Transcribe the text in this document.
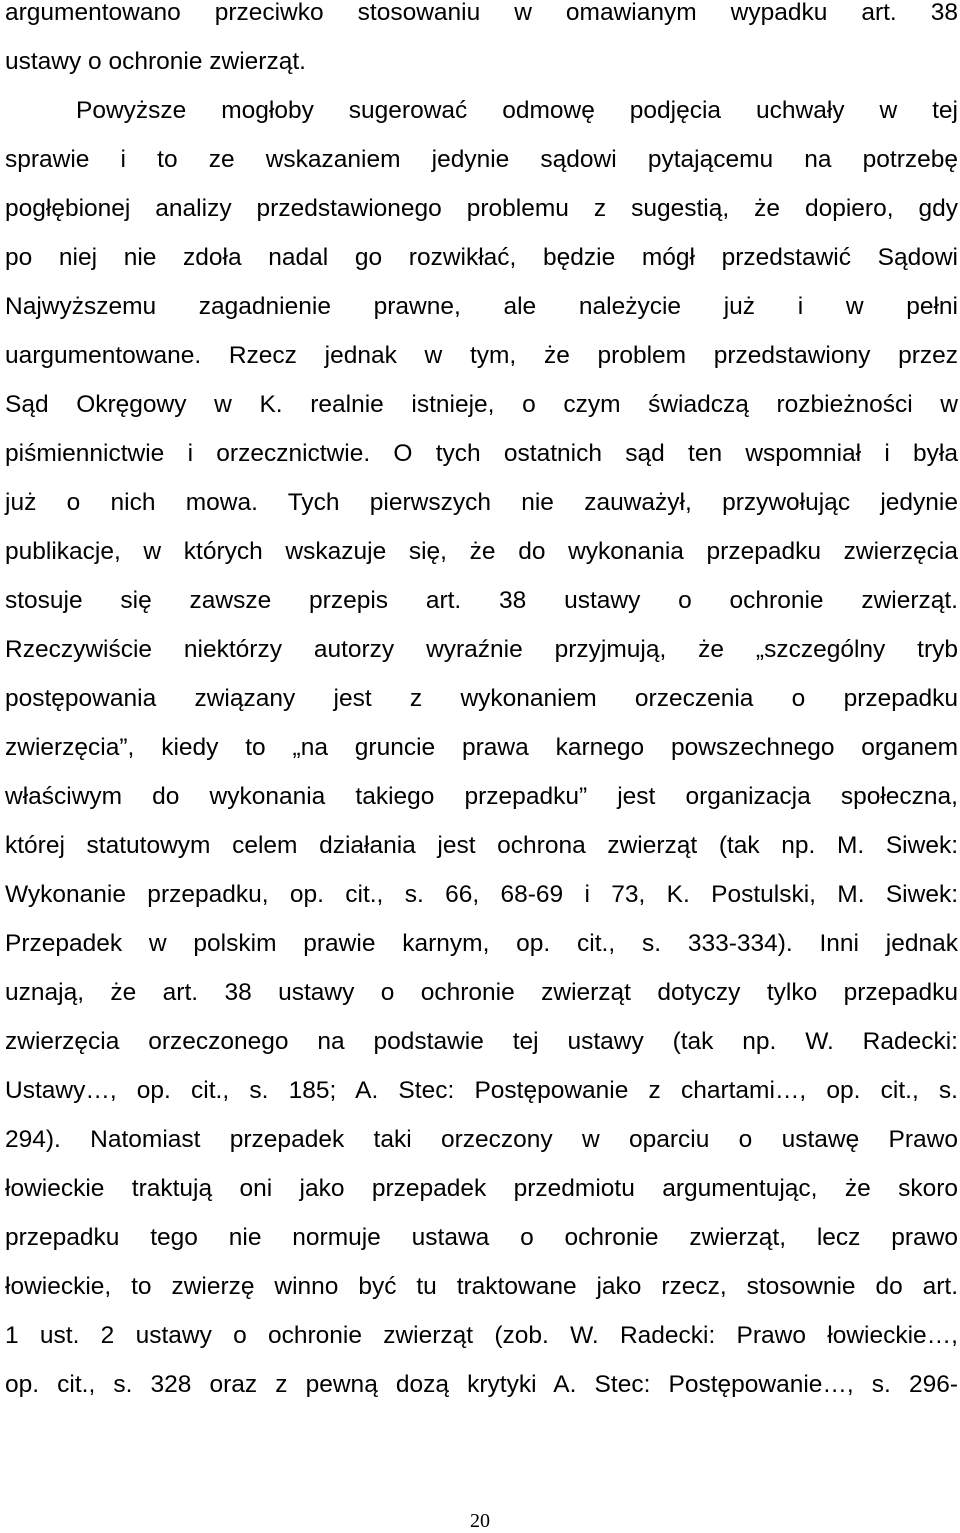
argumentowano przeciwko stosowaniu w omawianym wypadku art. 38
ustawy o ochronie zwierząt.
Powyższe mogłoby sugerować odmowę podjęcia uchwały w tej
sprawie i to ze wskazaniem jedynie sądowi pytającemu na potrzebę
pogłębionej analizy przedstawionego problemu z sugestią, że dopiero, gdy
po niej nie zdoła nadal go rozwikłać, będzie mógł przedstawić Sądowi
Najwyższemu zagadnienie prawne, ale należycie już i w pełni
uargumentowane. Rzecz jednak w tym, że problem przedstawiony przez
Sąd Okręgowy w K. realnie istnieje, o czym świadczą rozbieżności w
piśmiennictwie i orzecznictwie. O tych ostatnich sąd ten wspomniał i była
już o nich mowa. Tych pierwszych nie zauważył, przywołując jedynie
publikacje, w których wskazuje się, że do wykonania przepadku zwierzęcia
stosuje się zawsze przepis art. 38 ustawy o ochronie zwierząt.
Rzeczywiście niektórzy autorzy wyraźnie przyjmują, że „szczególny tryb
postępowania związany jest z wykonaniem orzeczenia o przepadku
zwierzęcia”, kiedy to „na gruncie prawa karnego powszechnego organem
właściwym do wykonania takiego przepadku” jest organizacja społeczna,
której statutowym celem działania jest ochrona zwierząt (tak np. M. Siwek:
Wykonanie przepadku, op. cit., s. 66, 68-69 i 73, K. Postulski, M. Siwek:
Przepadek w polskim prawie karnym, op. cit., s. 333-334). Inni jednak
uznają, że art. 38 ustawy o ochronie zwierząt dotyczy tylko przepadku
zwierzęcia orzeczonego na podstawie tej ustawy (tak np. W. Radecki:
Ustawy…, op. cit., s. 185; A. Stec: Postępowanie z chartami…, op. cit., s.
294). Natomiast przepadek taki orzeczony w oparciu o ustawę Prawo
łowieckie traktują oni jako przepadek przedmiotu argumentując, że skoro
przepadku tego nie normuje ustawa o ochronie zwierząt, lecz prawo
łowieckie, to zwierzę winno być tu traktowane jako rzecz, stosownie do art.
1 ust. 2 ustawy o ochronie zwierząt (zob. W. Radecki: Prawo łowieckie…,
op. cit., s. 328 oraz z pewną dozą krytyki A. Stec: Postępowanie…, s. 296-
20
